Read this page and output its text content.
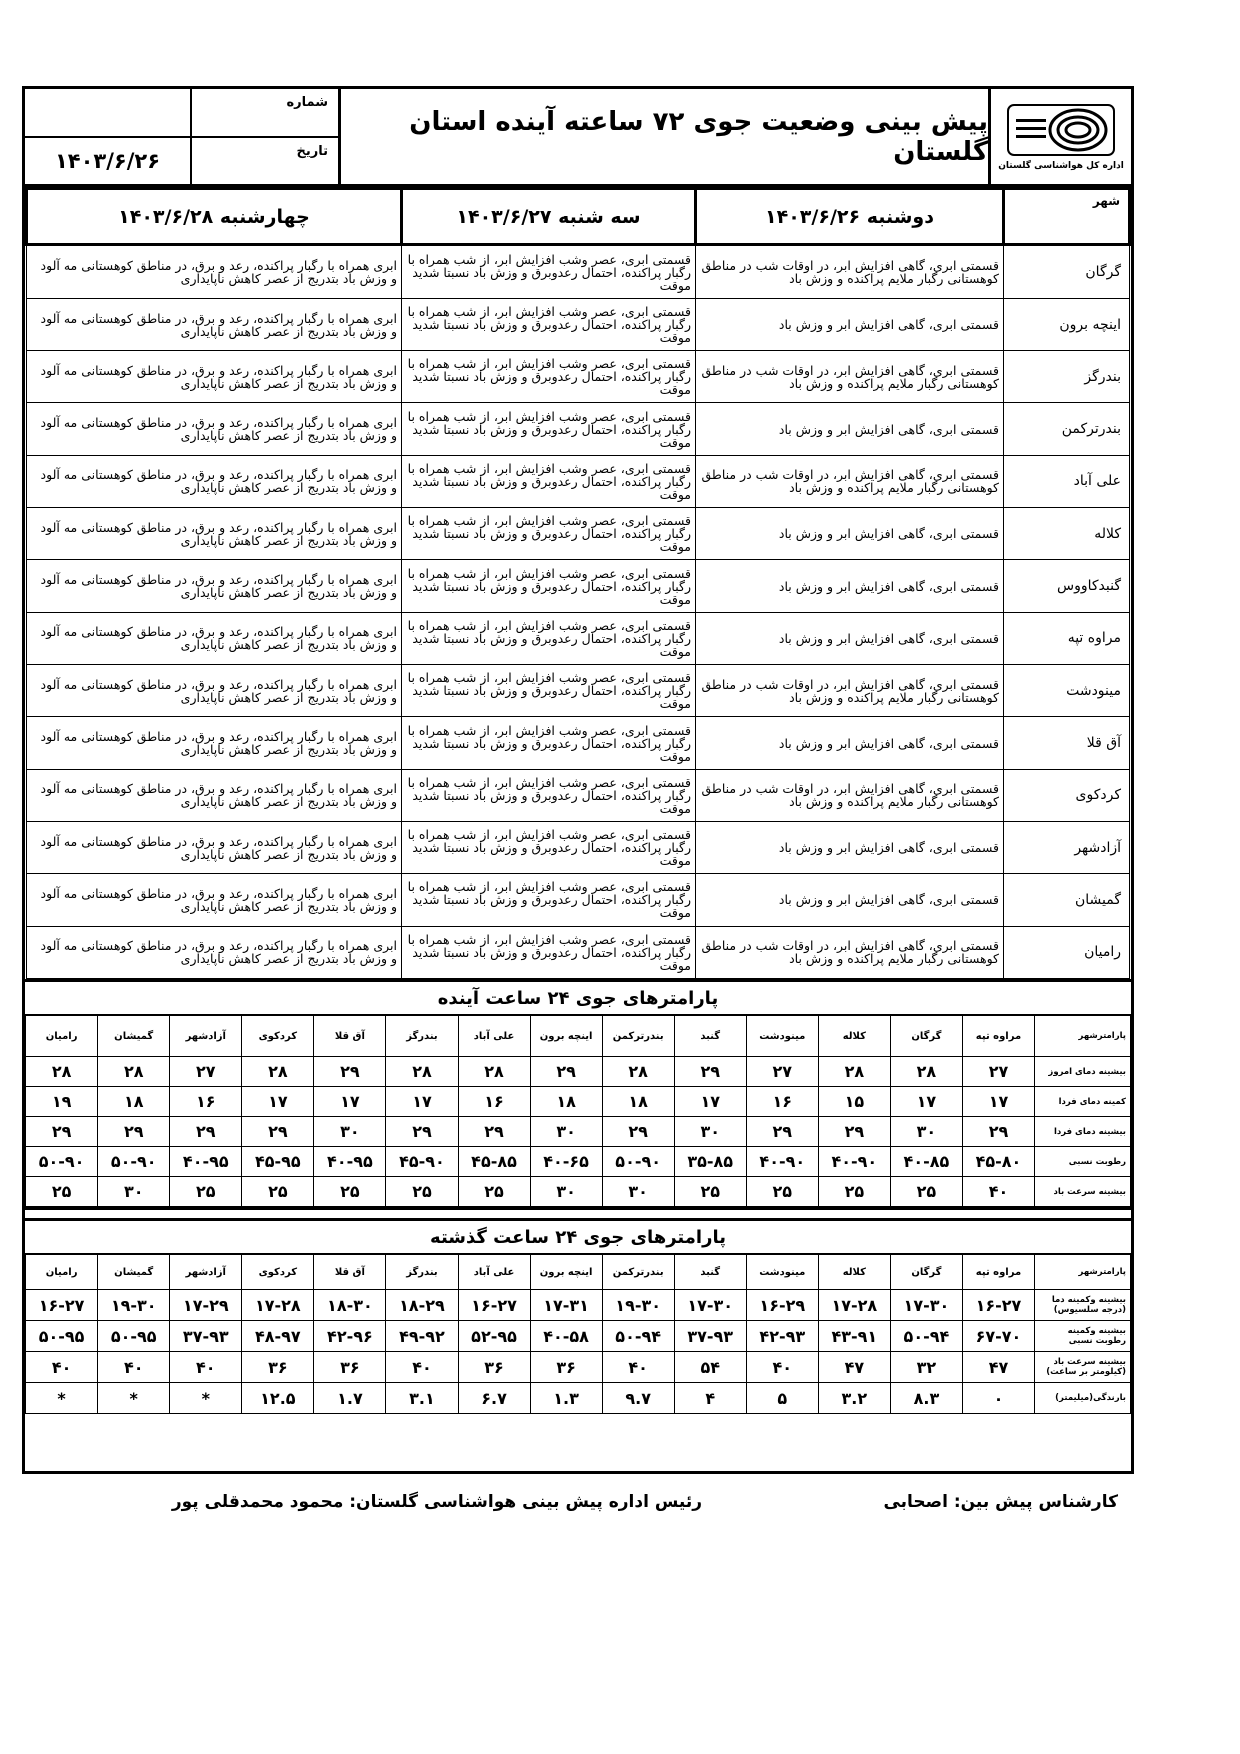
اداره کل هواشناسی گلستان
پیش بینی وضعیت جوی ۷۲ ساعته آینده استان گلستان
شماره
تاریخ
۱۴۰۳/۶/۲۶
شهر	دوشنبه ۱۴۰۳/۶/۲۶	سه شنبه ۱۴۰۳/۶/۲۷	چهارشنبه ۱۴۰۳/۶/۲۸
گرگان	قسمتی ابری، گاهی افزایش ابر، در اوقات شب در مناطق کوهستانی رگبار ملایم پراکنده و وزش باد	قسمتی ابری، عصر وشب افزایش ابر، از شب همراه با رگبار پراکنده، احتمال رعدوبرق و وزش باد نسبتا شدید موقت	ابری همراه با رگبار پراکنده، رعد و برق، در مناطق کوهستانی مه آلود و وزش باد بتدریج از عصر کاهش ناپایداری
اینچه برون	قسمتی ابری، گاهی افزایش ابر و وزش باد	قسمتی ابری، عصر وشب افزایش ابر، از شب همراه با رگبار پراکنده، احتمال رعدوبرق و وزش باد نسبتا شدید موقت	ابری همراه با رگبار پراکنده، رعد و برق، در مناطق کوهستانی مه آلود و وزش باد بتدریج از عصر کاهش ناپایداری
بندرگز	قسمتی ابری، گاهی افزایش ابر، در اوقات شب در مناطق کوهستانی رگبار ملایم پراکنده و وزش باد	قسمتی ابری، عصر وشب افزایش ابر، از شب همراه با رگبار پراکنده، احتمال رعدوبرق و وزش باد نسبتا شدید موقت	ابری همراه با رگبار پراکنده، رعد و برق، در مناطق کوهستانی مه آلود و وزش باد بتدریج از عصر کاهش ناپایداری
بندرترکمن	قسمتی ابری، گاهی افزایش ابر و وزش باد	قسمتی ابری، عصر وشب افزایش ابر، از شب همراه با رگبار پراکنده، احتمال رعدوبرق و وزش باد نسبتا شدید موقت	ابری همراه با رگبار پراکنده، رعد و برق، در مناطق کوهستانی مه آلود و وزش باد بتدریج از عصر کاهش ناپایداری
علی آباد	قسمتی ابری، گاهی افزایش ابر، در اوقات شب در مناطق کوهستانی رگبار ملایم پراکنده و وزش باد	قسمتی ابری، عصر وشب افزایش ابر، از شب همراه با رگبار پراکنده، احتمال رعدوبرق و وزش باد نسبتا شدید موقت	ابری همراه با رگبار پراکنده، رعد و برق، در مناطق کوهستانی مه آلود و وزش باد بتدریج از عصر کاهش ناپایداری
کلاله	قسمتی ابری، گاهی افزایش ابر و وزش باد	قسمتی ابری، عصر وشب افزایش ابر، از شب همراه با رگبار پراکنده، احتمال رعدوبرق و وزش باد نسبتا شدید موقت	ابری همراه با رگبار پراکنده، رعد و برق، در مناطق کوهستانی مه آلود و وزش باد بتدریج از عصر کاهش ناپایداری
گنبدکاووس	قسمتی ابری، گاهی افزایش ابر و وزش باد	قسمتی ابری، عصر وشب افزایش ابر، از شب همراه با رگبار پراکنده، احتمال رعدوبرق و وزش باد نسبتا شدید موقت	ابری همراه با رگبار پراکنده، رعد و برق، در مناطق کوهستانی مه آلود و وزش باد بتدریج از عصر کاهش ناپایداری
مراوه تپه	قسمتی ابری، گاهی افزایش ابر و وزش باد	قسمتی ابری، عصر وشب افزایش ابر، از شب همراه با رگبار پراکنده، احتمال رعدوبرق و وزش باد نسبتا شدید موقت	ابری همراه با رگبار پراکنده، رعد و برق، در مناطق کوهستانی مه آلود و وزش باد بتدریج از عصر کاهش ناپایداری
مینودشت	قسمتی ابری، گاهی افزایش ابر، در اوقات شب در مناطق کوهستانی رگبار ملایم پراکنده و وزش باد	قسمتی ابری، عصر وشب افزایش ابر، از شب همراه با رگبار پراکنده، احتمال رعدوبرق و وزش باد نسبتا شدید موقت	ابری همراه با رگبار پراکنده، رعد و برق، در مناطق کوهستانی مه آلود و وزش باد بتدریج از عصر کاهش ناپایداری
آق قلا	قسمتی ابری، گاهی افزایش ابر و وزش باد	قسمتی ابری، عصر وشب افزایش ابر، از شب همراه با رگبار پراکنده، احتمال رعدوبرق و وزش باد نسبتا شدید موقت	ابری همراه با رگبار پراکنده، رعد و برق، در مناطق کوهستانی مه آلود و وزش باد بتدریج از عصر کاهش ناپایداری
کردکوی	قسمتی ابری، گاهی افزایش ابر، در اوقات شب در مناطق کوهستانی رگبار ملایم پراکنده و وزش باد	قسمتی ابری، عصر وشب افزایش ابر، از شب همراه با رگبار پراکنده، احتمال رعدوبرق و وزش باد نسبتا شدید موقت	ابری همراه با رگبار پراکنده، رعد و برق، در مناطق کوهستانی مه آلود و وزش باد بتدریج از عصر کاهش ناپایداری
آزادشهر	قسمتی ابری، گاهی افزایش ابر و وزش باد	قسمتی ابری، عصر وشب افزایش ابر، از شب همراه با رگبار پراکنده، احتمال رعدوبرق و وزش باد نسبتا شدید موقت	ابری همراه با رگبار پراکنده، رعد و برق، در مناطق کوهستانی مه آلود و وزش باد بتدریج از عصر کاهش ناپایداری
گمیشان	قسمتی ابری، گاهی افزایش ابر و وزش باد	قسمتی ابری، عصر وشب افزایش ابر، از شب همراه با رگبار پراکنده، احتمال رعدوبرق و وزش باد نسبتا شدید موقت	ابری همراه با رگبار پراکنده، رعد و برق، در مناطق کوهستانی مه آلود و وزش باد بتدریج از عصر کاهش ناپایداری
رامیان	قسمتی ابری، گاهی افزایش ابر، در اوقات شب در مناطق کوهستانی رگبار ملایم پراکنده و وزش باد	قسمتی ابری، عصر وشب افزایش ابر، از شب همراه با رگبار پراکنده، احتمال رعدوبرق و وزش باد نسبتا شدید موقت	ابری همراه با رگبار پراکنده، رعد و برق، در مناطق کوهستانی مه آلود و وزش باد بتدریج از عصر کاهش ناپایداری
پارامترهای جوی ۲۴ ساعت آینده
پارامترشهر	مراوه تپه	گرگان	کلاله	مینودشت	گنبد	بندرترکمن	اینچه برون	علی آباد	بندرگز	آق قلا	کردکوی	آزادشهر	گمیشان	رامیان
بیشینه دمای امروز	۲۷	۲۸	۲۸	۲۷	۲۹	۲۸	۲۹	۲۸	۲۸	۲۹	۲۸	۲۷	۲۸	۲۸
کمینه دمای فردا	۱۷	۱۷	۱۵	۱۶	۱۷	۱۸	۱۸	۱۶	۱۷	۱۷	۱۷	۱۶	۱۸	۱۹
بیشینه دمای فردا	۲۹	۳۰	۲۹	۲۹	۳۰	۲۹	۳۰	۲۹	۲۹	۳۰	۲۹	۲۹	۲۹	۲۹
رطوبت نسبی	۴۵-۸۰	۴۰-۸۵	۴۰-۹۰	۴۰-۹۰	۳۵-۸۵	۵۰-۹۰	۴۰-۶۵	۴۵-۸۵	۴۵-۹۰	۴۰-۹۵	۴۵-۹۵	۴۰-۹۵	۵۰-۹۰	۵۰-۹۰
بیشینه سرعت باد	۴۰	۲۵	۲۵	۲۵	۲۵	۳۰	۳۰	۲۵	۲۵	۲۵	۲۵	۲۵	۳۰	۲۵
پارامترهای جوی ۲۴ ساعت گذشته
پارامترشهر	مراوه تپه	گرگان	کلاله	مینودشت	گنبد	بندرترکمن	اینچه برون	علی آباد	بندرگز	آق قلا	کردکوی	آزادشهر	گمیشان	رامیان
بیشینه وکمینه دما (درجه سلسیوس)	۱۶-۲۷	۱۷-۳۰	۱۷-۲۸	۱۶-۲۹	۱۷-۳۰	۱۹-۳۰	۱۷-۳۱	۱۶-۲۷	۱۸-۲۹	۱۸-۳۰	۱۷-۲۸	۱۷-۲۹	۱۹-۳۰	۱۶-۲۷
بیشینه وکمینه رطوبت نسبی	۶۷-۷۰	۵۰-۹۴	۴۳-۹۱	۴۲-۹۳	۳۷-۹۳	۵۰-۹۴	۴۰-۵۸	۵۲-۹۵	۴۹-۹۲	۴۲-۹۶	۴۸-۹۷	۳۷-۹۳	۵۰-۹۵	۵۰-۹۵
بیشینه سرعت باد (کیلومتر بر ساعت)	۴۷	۳۲	۴۷	۴۰	۵۴	۴۰	۳۶	۳۶	۴۰	۳۶	۳۶	۴۰	۴۰	۴۰
بارندگی(میلیمتر)	۰	۸.۳	۳.۲	۵	۴	۹.۷	۱.۳	۶.۷	۳.۱	۱.۷	۱۲.۵	*	*	*
کارشناس پیش بین: اصحابی
رئیس اداره پیش بینی هواشناسی گلستان: محمود محمدقلی پور
